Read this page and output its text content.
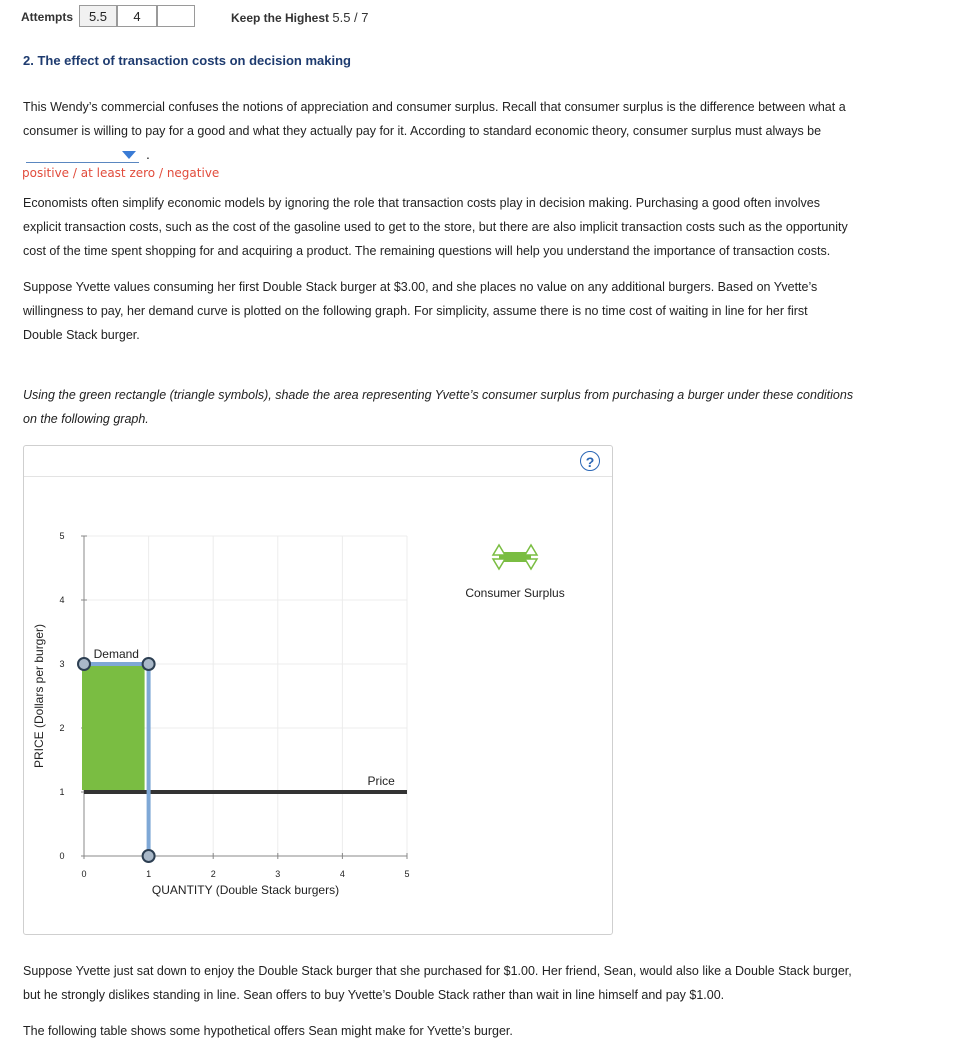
Attempts	5.5	4	Keep the Highest 5.5 / 7
2. The effect of transaction costs on decision making
This Wendy’s commercial confuses the notions of appreciation and consumer surplus. Recall that consumer surplus is the difference between what a
consumer is willing to pay for a good and what they actually pay for it. According to standard economic theory, consumer surplus must always be
.
positive / at least zero / negative
Economists often simplify economic models by ignoring the role that transaction costs play in decision making. Purchasing a good often involves
explicit transaction costs, such as the cost of the gasoline used to get to the store, but there are also implicit transaction costs such as the opportunity
cost of the time spent shopping for and acquiring a product. The remaining questions will help you understand the importance of transaction costs.
Suppose Yvette values consuming her first Double Stack burger at $3.00, and she places no value on any additional burgers. Based on Yvette’s
willingness to pay, her demand curve is plotted on the following graph. For simplicity, assume there is no time cost of waiting in line for her first
Double Stack burger.
Using the green rectangle (triangle symbols), shade the area representing Yvette’s consumer surplus from purchasing a burger under these conditions
on the following graph.
?
0	1	2	3	4	5
0
1
2
3
4
5
QUANTITY (Double Stack burgers)
PRICE (Dollars per burger)
Price
Demand
Consumer Surplus
Suppose Yvette just sat down to enjoy the Double Stack burger that she purchased for $1.00. Her friend, Sean, would also like a Double Stack burger,
but he strongly dislikes standing in line. Sean offers to buy Yvette’s Double Stack rather than wait in line himself and pay $1.00.
The following table shows some hypothetical offers Sean might make for Yvette’s burger.
